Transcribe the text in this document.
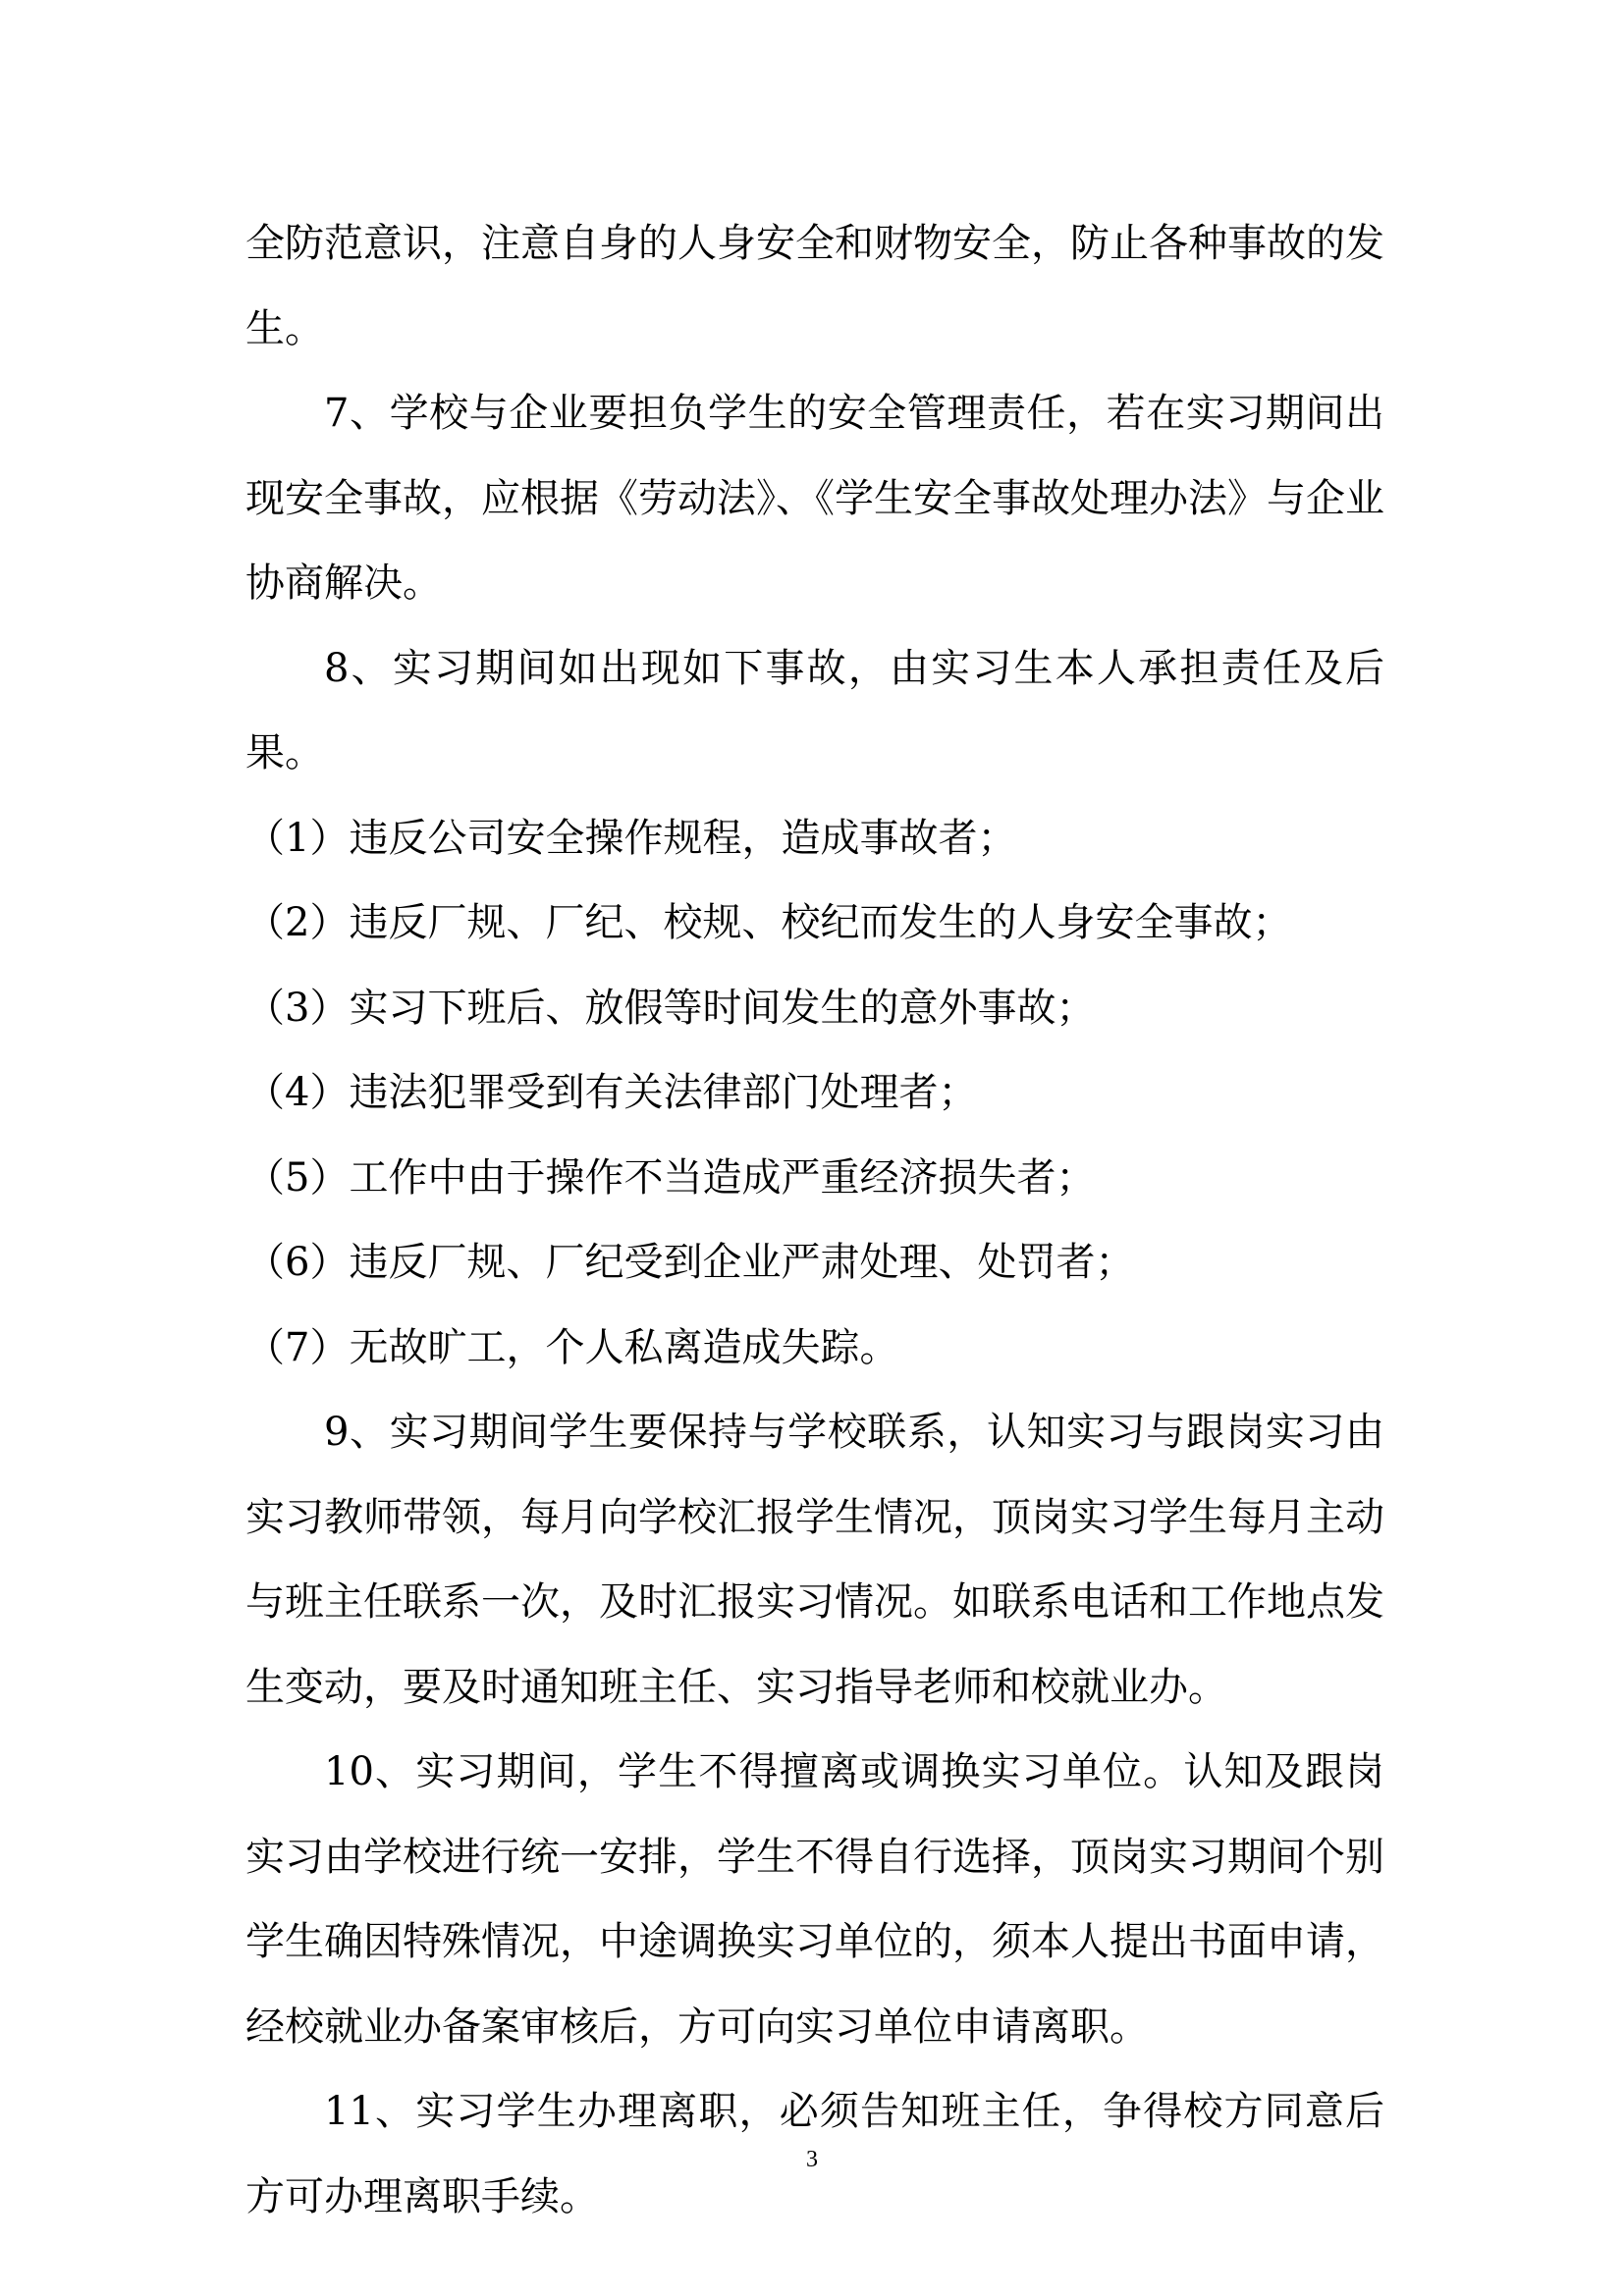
全防范意识，注意自身的人身安全和财物安全，防止各种事故的发生。

7、学校与企业要担负学生的安全管理责任，若在实习期间出现安全事故，应根据《劳动法》、《学生安全事故处理办法》与企业协商解决。

8、实习期间如出现如下事故，由实习生本人承担责任及后果。

（1）违反公司安全操作规程，造成事故者；

（2）违反厂规、厂纪、校规、校纪而发生的人身安全事故；

（3）实习下班后、放假等时间发生的意外事故；

（4）违法犯罪受到有关法律部门处理者；

（5）工作中由于操作不当造成严重经济损失者；

（6）违反厂规、厂纪受到企业严肃处理、处罚者；

（7）无故旷工，个人私离造成失踪。

9、实习期间学生要保持与学校联系，认知实习与跟岗实习由实习教师带领，每月向学校汇报学生情况，顶岗实习学生每月主动与班主任联系一次，及时汇报实习情况。如联系电话和工作地点发生变动，要及时通知班主任、实习指导老师和校就业办。

10、实习期间，学生不得擅离或调换实习单位。认知及跟岗实习由学校进行统一安排，学生不得自行选择，顶岗实习期间个别学生确因特殊情况，中途调换实习单位的，须本人提出书面申请，经校就业办备案审核后，方可向实习单位申请离职。

11、实习学生办理离职，必须告知班主任，争得校方同意后方可办理离职手续。

3
